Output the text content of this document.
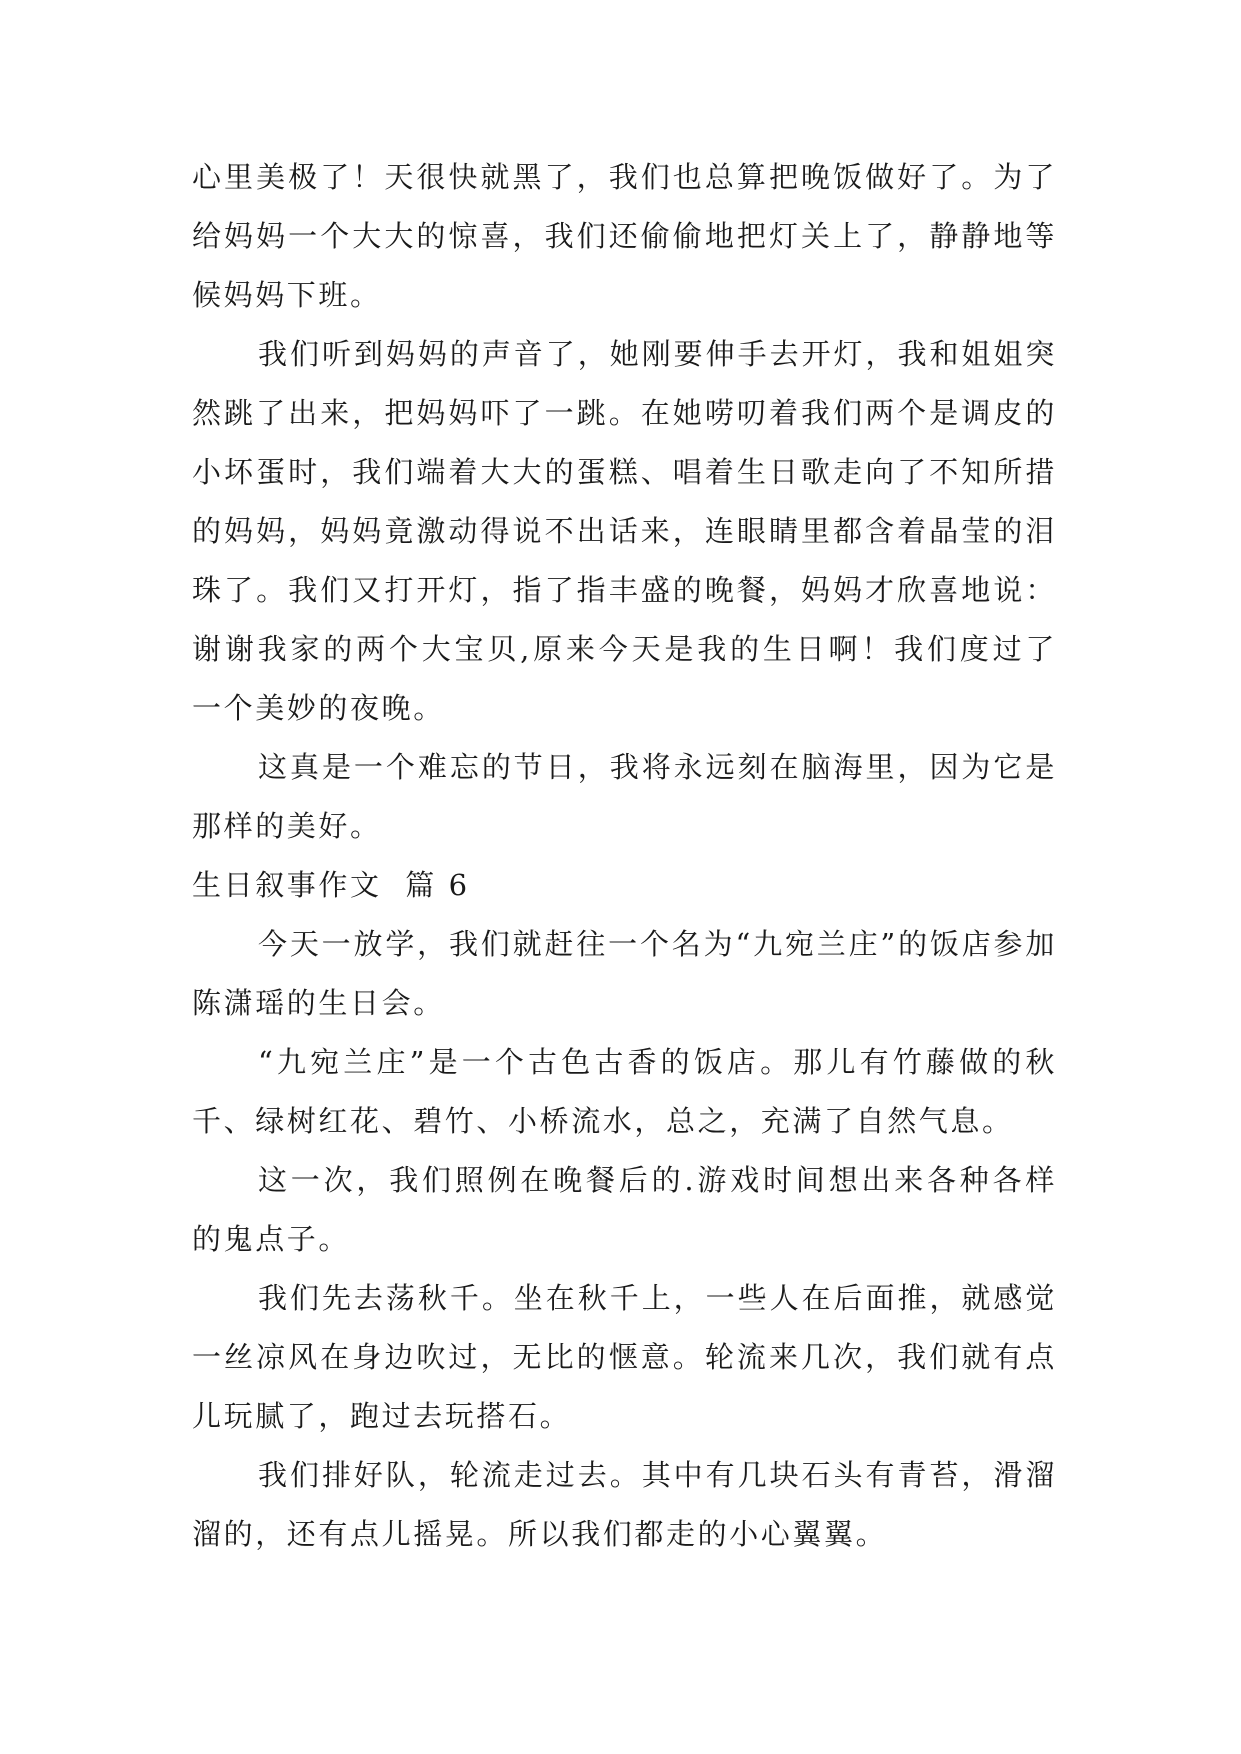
心里美极了！天很快就黑了，我们也总算把晚饭做好了。为了给妈妈一个大大的惊喜，我们还偷偷地把灯关上了，静静地等候妈妈下班。

我们听到妈妈的声音了，她刚要伸手去开灯，我和姐姐突然跳了出来，把妈妈吓了一跳。在她唠叨着我们两个是调皮的小坏蛋时，我们端着大大的蛋糕、唱着生日歌走向了不知所措的妈妈，妈妈竟激动得说不出话来，连眼睛里都含着晶莹的泪珠了。我们又打开灯，指了指丰盛的晚餐，妈妈才欣喜地说：谢谢我家的两个大宝贝,原来今天是我的生日啊！我们度过了一个美妙的夜晚。

这真是一个难忘的节日，我将永远刻在脑海里，因为它是那样的美好。

生日叙事作文  篇 6

今天一放学，我们就赶往一个名为“九宛兰庄”的饭店参加陈潇瑶的生日会。

“九宛兰庄”是一个古色古香的饭店。那儿有竹藤做的秋千、绿树红花、碧竹、小桥流水，总之，充满了自然气息。

这一次，我们照例在晚餐后的.游戏时间想出来各种各样的鬼点子。

我们先去荡秋千。坐在秋千上，一些人在后面推，就感觉一丝凉风在身边吹过，无比的惬意。轮流来几次，我们就有点儿玩腻了，跑过去玩搭石。

我们排好队，轮流走过去。其中有几块石头有青苔，滑溜溜的，还有点儿摇晃。所以我们都走的小心翼翼。
